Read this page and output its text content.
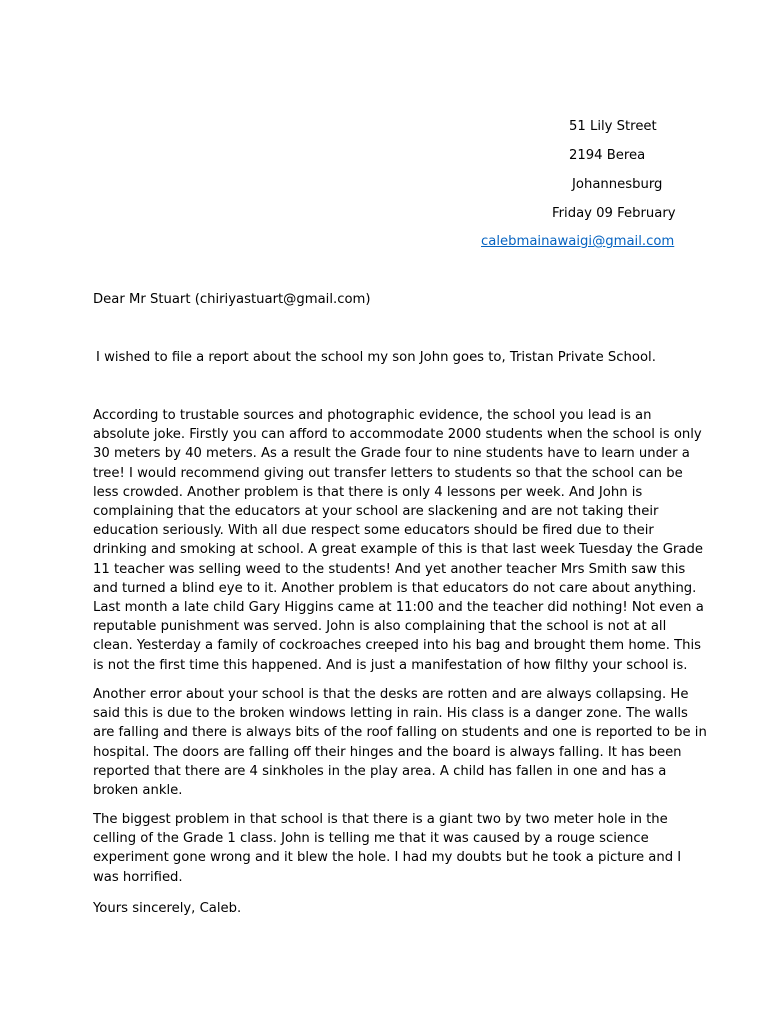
51 Lily Street
2194 Berea
Johannesburg
Friday 09 February
calebmainawaigi@gmail.com

Dear Mr Stuart (chiriyastuart@gmail.com)

I wished to file a report about the school my son John goes to, Tristan Private School.

According to trustable sources and photographic evidence, the school you lead is an
absolute joke. Firstly you can afford to accommodate 2000 students when the school is only
30 meters by 40 meters. As a result the Grade four to nine students have to learn under a
tree! I would recommend giving out transfer letters to students so that the school can be
less crowded. Another problem is that there is only 4 lessons per week. And John is
complaining that the educators at your school are slackening and are not taking their
education seriously. With all due respect some educators should be fired due to their
drinking and smoking at school. A great example of this is that last week Tuesday the Grade
11 teacher was selling weed to the students! And yet another teacher Mrs Smith saw this
and turned a blind eye to it. Another problem is that educators do not care about anything.
Last month a late child Gary Higgins came at 11:00 and the teacher did nothing! Not even a
reputable punishment was served. John is also complaining that the school is not at all
clean. Yesterday a family of cockroaches creeped into his bag and brought them home. This
is not the first time this happened. And is just a manifestation of how filthy your school is.

Another error about your school is that the desks are rotten and are always collapsing. He
said this is due to the broken windows letting in rain. His class is a danger zone. The walls
are falling and there is always bits of the roof falling on students and one is reported to be in
hospital. The doors are falling off their hinges and the board is always falling. It has been
reported that there are 4 sinkholes in the play area. A child has fallen in one and has a
broken ankle.

The biggest problem in that school is that there is a giant two by two meter hole in the
celling of the Grade 1 class. John is telling me that it was caused by a rouge science
experiment gone wrong and it blew the hole. I had my doubts but he took a picture and I
was horrified.

Yours sincerely, Caleb.
